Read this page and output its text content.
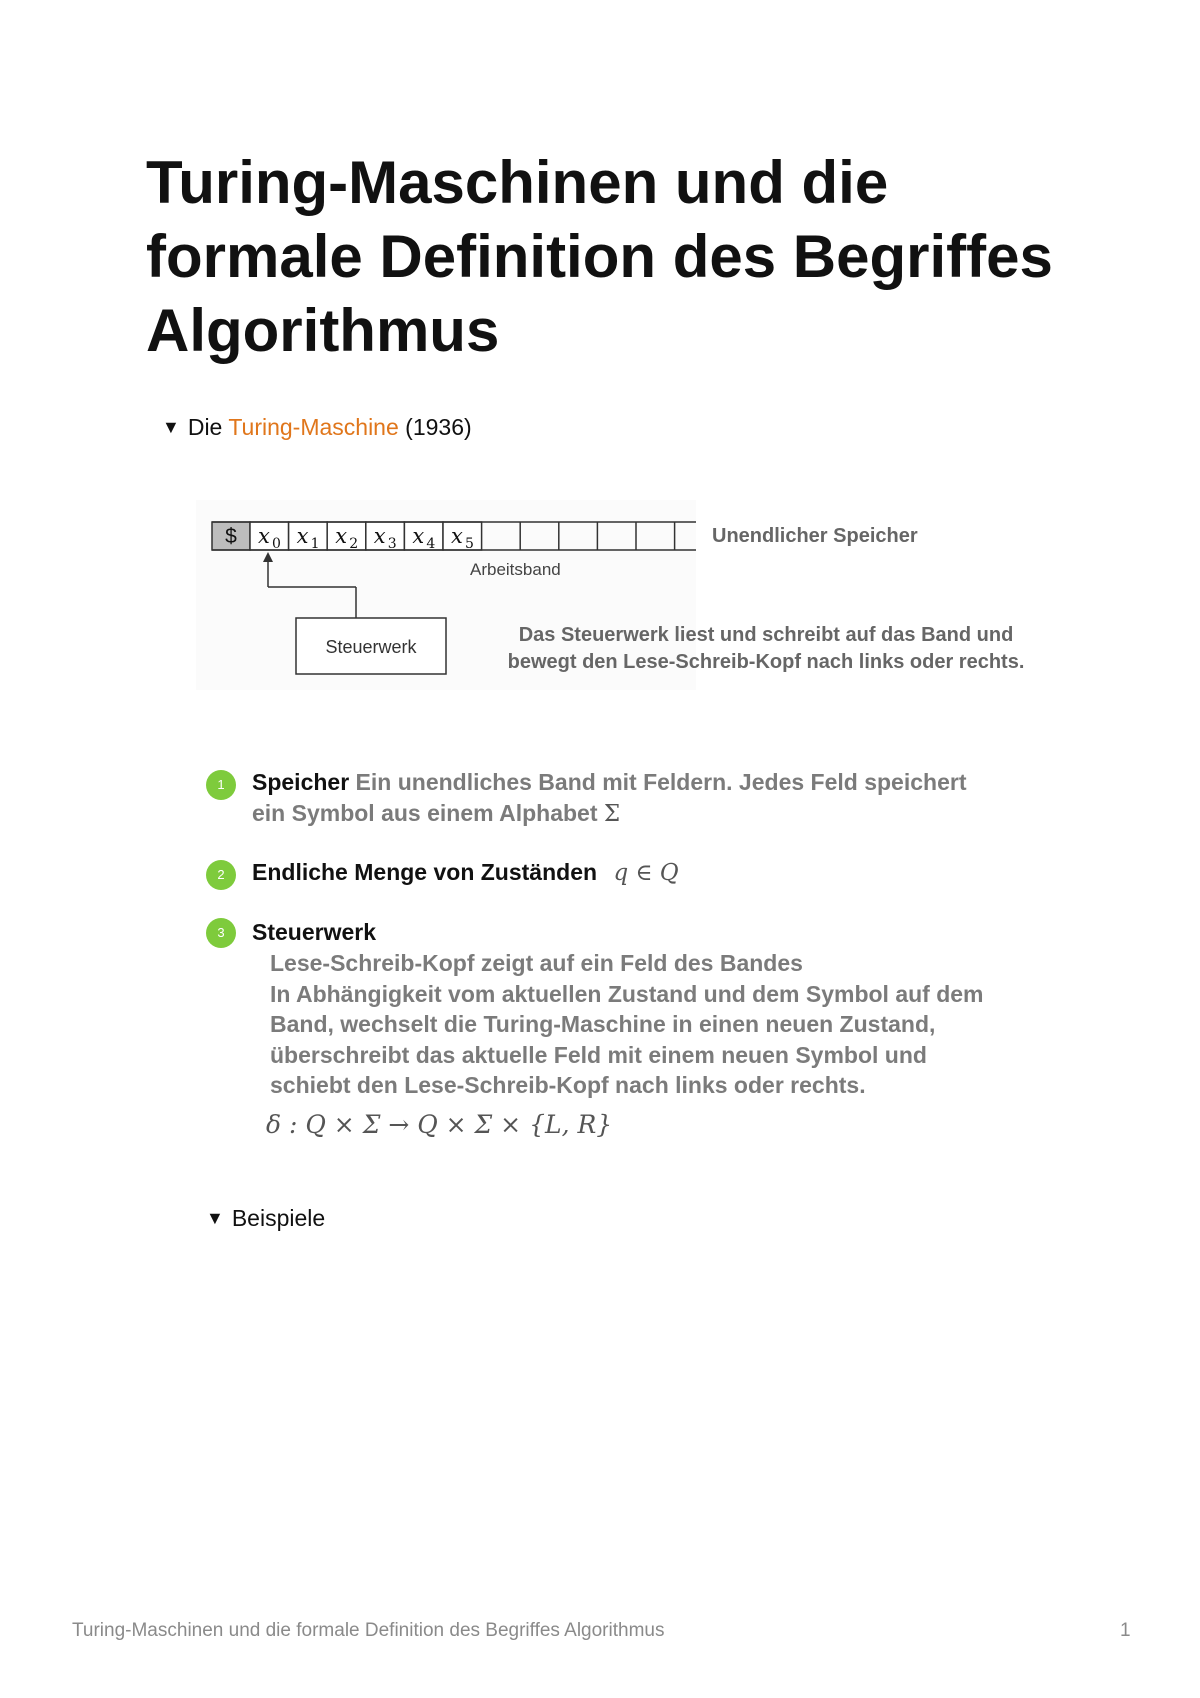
Turing-Maschinen und die
formale Definition des Begriffes
Algorithmus
▼ Die Turing-Maschine (1936)
$ x 0 x 1 x 2 x 3 x 4 x 5	Unendlicher Speicher
Arbeitsband
Steuerwerk
Das Steuerwerk liest und schreibt auf das Band und
bewegt den Lese-Schreib-Kopf nach links oder rechts.
1	Speicher Ein unendliches Band mit Feldern. Jedes Feld speichert
ein Symbol aus einem Alphabet Σ
2	Endliche Menge von Zuständen q ∈ Q
3	Steuerwerk
Lese-Schreib-Kopf zeigt auf ein Feld des Bandes
In Abhängigkeit vom aktuellen Zustand und dem Symbol auf dem
Band, wechselt die Turing-Maschine in einen neuen Zustand,
überschreibt das aktuelle Feld mit einem neuen Symbol und
schiebt den Lese-Schreib-Kopf nach links oder rechts.
δ : Q × Σ → Q × Σ × {L, R}
▼ Beispiele
Turing-Maschinen und die formale Definition des Begriffes Algorithmus	1
